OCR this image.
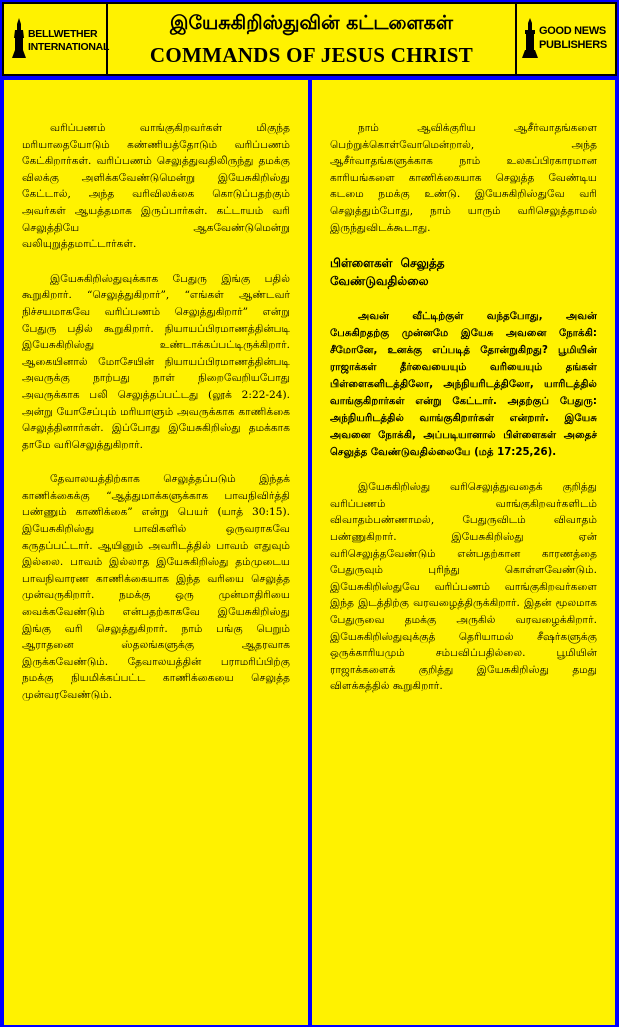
BELLWETHER
INTERNATIONAL
இயேசுகிறிஸ்துவின் கட்டளைகள்
COMMANDS OF JESUS CHRIST
GOOD NEWS
PUBLISHERS

வரிப்பணம் வாங்குகிறவர்கள் மிகுந்த மரியாதையோடும் கண்ணியத்தோடும் வரிப்பணம் கேட்கிறார்கள். வரிப்பணம் செலுத்துவதிலிருந்து தமக்கு விலக்கு அளிக்கவேண்டுமென்று இயேசுகிறிஸ்து கேட்டால், அந்த வரிவிலக்கை கொடுப்பதற்கும் அவர்கள் ஆயத்தமாக இருப்பார்கள். கட்டாயம் வரி செலுத்தியே ஆகவேண்டுமென்று வலியுறுத்தமாட்டார்கள்.

இயேசுகிறிஸ்துவுக்காக பேதுரு இங்கு பதில் கூறுகிறார். “செலுத்துகிறார்”, “எங்கள் ஆண்டவர் நிச்சயமாகவே வரிப்பணம் செலுத்துகிறார்” என்று பேதுரு பதில் கூறுகிறார். நியாயப்பிரமாணத்தின்படி இயேசுகிறிஸ்து உண்டாக்கப்பட்டிருக்கிறார். ஆகையினால் மோசேயின் நியாயப்பிரமாணத்தின்படி அவருக்கு நாற்பது நாள் நிறைவேறியபோது அவருக்காக பலி செலுத்தப்பட்டது (லூக் 2:22-24). அன்று யோசேப்பும் மரியாளும் அவருக்காக காணிக்கை செலுத்தினார்கள். இப்போது இயேசுகிறிஸ்து தமக்காக தாமே வரிசெலுத்துகிறார்.

தேவாலயத்திற்காக செலுத்தப்படும் இந்தக் காணிக்கைக்கு “ஆத்துமாக்களுக்காக பாவநிவிர்த்தி பண்ணும் காணிக்கை” என்று பெயர் (யாத் 30:15). இயேசுகிறிஸ்து பாவிகளில் ஒருவராகவே கருதப்பட்டார். ஆயினும் அவரிடத்தில் பாவம் எதுவும் இல்லை. பாவம் இல்லாத இயேசுகிறிஸ்து தம்முடைய பாவநிவாரண காணிக்கையாக இந்த வரியை செலுத்த முன்வருகிறார். நமக்கு ஒரு முன்மாதிரியை வைக்கவேண்டும் என்பதற்காகவே இயேசுகிறிஸ்து இங்கு வரி செலுத்துகிறார். நாம் பங்கு பெறும் ஆராதனை ஸ்தலங்களுக்கு ஆதரவாக இருக்கவேண்டும். தேவாலயத்தின் பராமரிப்பிற்கு நமக்கு நியமிக்கப்பட்ட காணிக்கையை செலுத்த முன்வரவேண்டும்.

நாம் ஆவிக்குரிய ஆசீர்வாதங்களை பெற்றுக்கொள்வோமென்றால், அந்த ஆசீர்வாதங்களுக்காக நாம் உலகப்பிரகாரமான காரியங்களை காணிக்கையாக செலுத்த வேண்டிய கடமை நமக்கு உண்டு. இயேசுகிறிஸ்துவே வரி செலுத்தும்போது, நாம் யாரும் வரிசெலுத்தாமல் இருந்துவிடக்கூடாது.

பிள்ளைகள் செலுத்த
வேண்டுவதில்லை

அவன் வீட்டிற்குள் வந்தபோது, அவன் பேசுகிறதற்கு முன்னமே இயேசு அவனை நோக்கி: சீமோனே, உனக்கு எப்படித் தோன்றுகிறது? பூமியின் ராஜாக்கள் தீர்வையையும் வரியையும் தங்கள் பிள்ளைகளிடத்திலோ, அந்நியரிடத்திலோ, யாரிடத்தில் வாங்குகிறார்கள் என்று கேட்டார். அதற்குப் பேதுரு: அந்நியரிடத்தில் வாங்குகிறார்கள் என்றார். இயேசு அவனை நோக்கி, அப்படியானால் பிள்ளைகள் அதைச் செலுத்த வேண்டுவதில்லையே (மத் 17:25,26).

இயேசுகிறிஸ்து வரிசெலுத்துவதைக் குறித்து வரிப்பணம் வாங்குகிறவர்களிடம் விவாதம்பண்ணாமல், பேதுருவிடம் விவாதம் பண்ணுகிறார். இயேசுகிறிஸ்து ஏன் வரிசெலுத்தவேண்டும் என்பதற்கான காரணத்தை பேதுருவும் புரிந்து கொள்ளவேண்டும். இயேசுகிறிஸ்துவே வரிப்பணம் வாங்குகிறவர்களை இந்த இடத்திற்கு வரவழைத்திருக்கிறார். இதன் மூலமாக பேதுருவை தமக்கு அருகில் வரவழைக்கிறார். இயேசுகிறிஸ்துவுக்குத் தெரியாமல் சீஷர்களுக்கு ஒருக்காரியமும் சம்பவிப்பதில்லை. பூமியின் ராஜாக்களைக் குறித்து இயேசுகிறிஸ்து தமது விளக்கத்தில் கூறுகிறார்.
